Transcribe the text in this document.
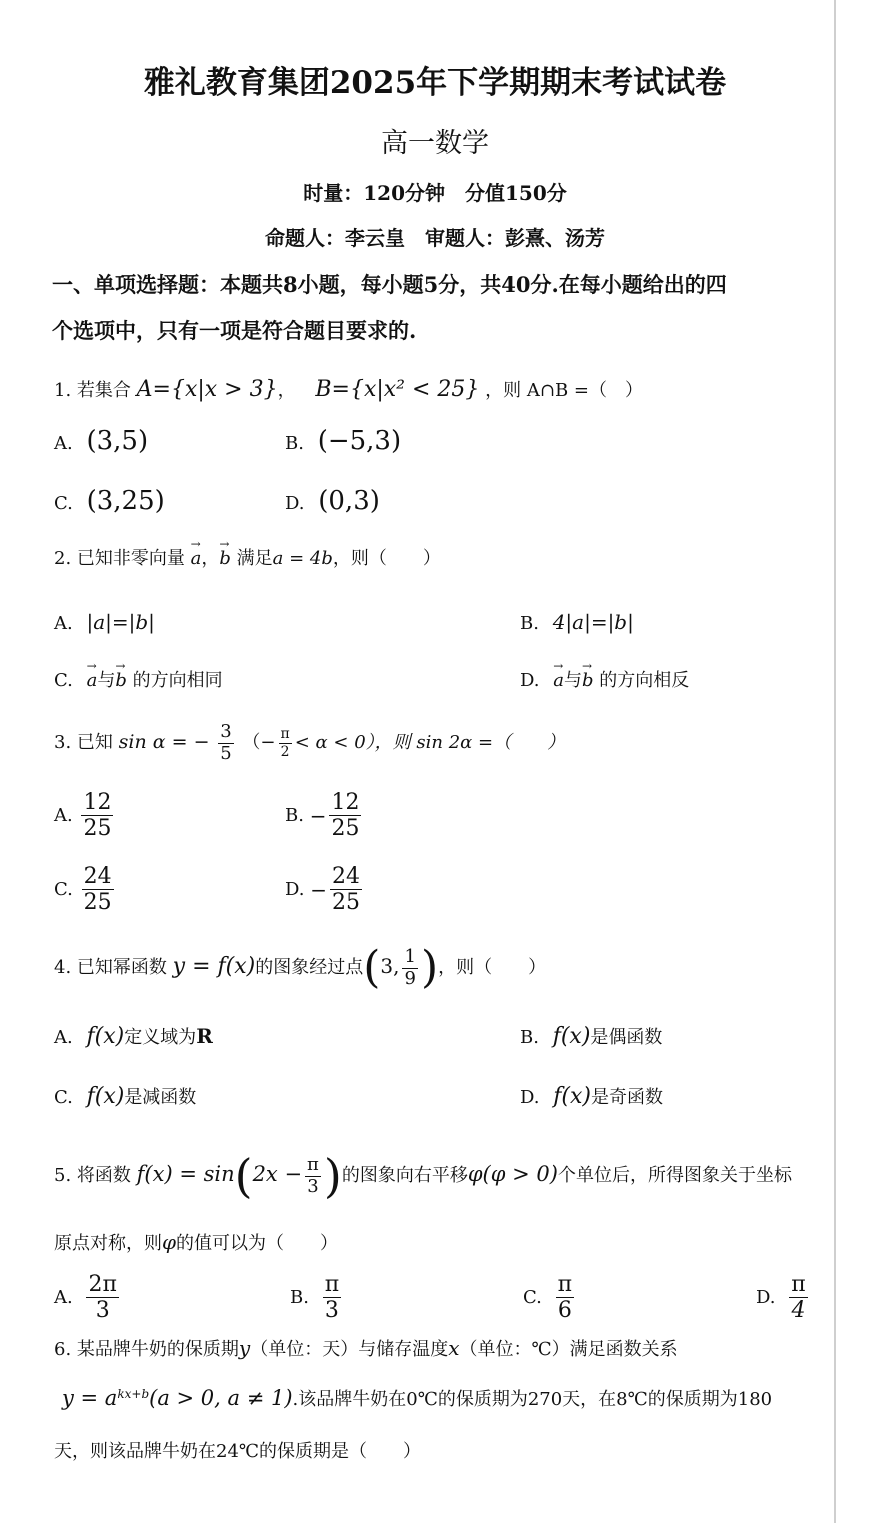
雅礼教育集团2025年下学期期末考试试卷
高一数学
时量：120分钟　分值150分
命题人：李云皇　审题人：彭熹、汤芳
一、单项选择题：本题共8小题，每小题5分，共40分.在每小题给出的四
个选项中，只有一项是符合题目要求的.
1. 若集合 A={x|x > 3}， B={x|x² < 25} ，则 A∩B =（　）
A. (3,5)	B. (−5,3)
C. (3,25)	D. (0,3)
2. 已知非零向量 → a，→ b 满足a = 4b，则（　　）
A. |a|=|b|	B. 4|a|=|b|
C. → a与→ b 的方向相同	D. → a与→ b 的方向相反
3. 已知 sin α = − $\frac{3}{5}$ （− $\frac{\pi}{2} < \alpha < 0$），则 sin 2α =（　　）
A. $\frac{12}{25}$	B. − $\frac{12}{25}$
C. $\frac{24}{25}$	D. − $\frac{24}{25}$
4. 已知幂函数 y = f(x)的图象经过点(3, $\frac{1}{9}$ )，则（　　）
A. f(x)定义域为R	B. f(x)是偶函数
C. f(x)是减函数	D. f(x)是奇函数
5. 将函数 $f(x) = \sin(2x - \frac{\pi}{3}$ )的图象向右平移φ(φ > 0)个单位后，所得图象关于坐标
原点对称，则φ的值可以为（　　）
A. $\frac{2\pi}{3}$	B. $\frac{\pi}{3}$	C. $\frac{\pi}{6}$	D. $\frac{\pi}{4}$
6. 某品牌牛奶的保质期y（单位：天）与储存温度x（单位：℃）满足函数关系
$y = a^{kx+b}(a > 0$, a ≠ 1).该品牌牛奶在0℃的保质期为270天，在8℃的保质期为180
天，则该品牌牛奶在24℃的保质期是（　　）
